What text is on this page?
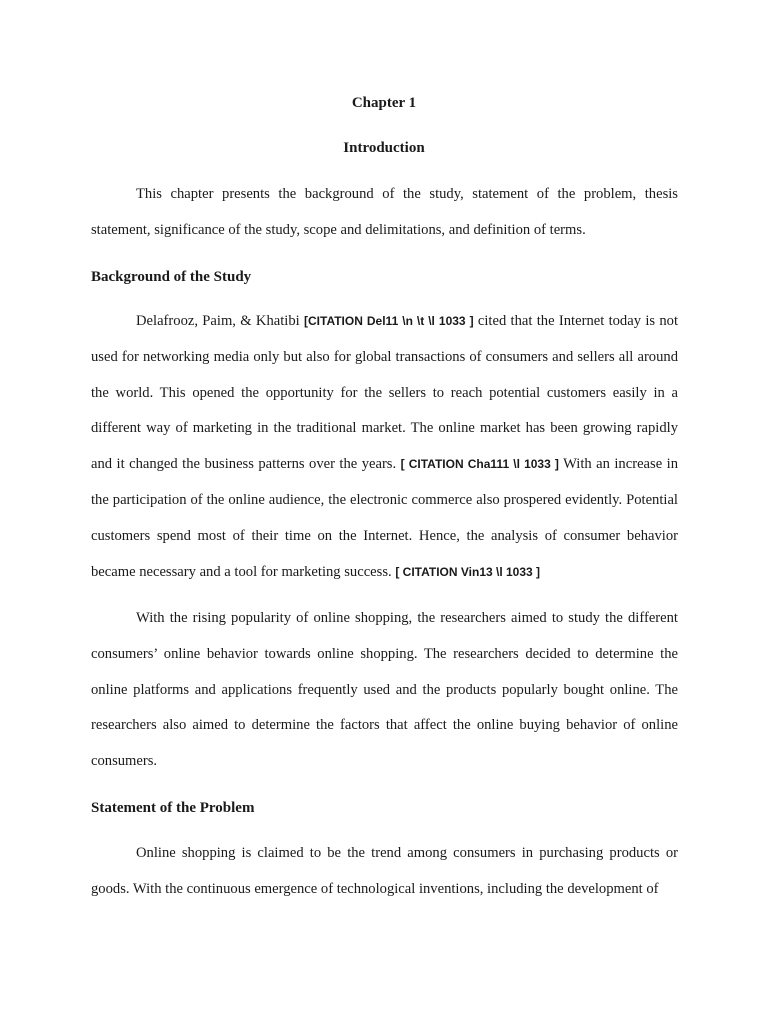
Chapter 1
Introduction

This chapter presents the background of the study, statement of the problem, thesis statement, significance of the study, scope and delimitations, and definition of terms.

Background of the Study

Delafrooz, Paim, & Khatibi [CITATION Del11 \n \t \l 1033 ] cited that the Internet today is not used for networking media only but also for global transactions of consumers and sellers all around the world. This opened the opportunity for the sellers to reach potential customers easily in a different way of marketing in the traditional market. The online market has been growing rapidly and it changed the business patterns over the years. [ CITATION Cha111 \l 1033 ] With an increase in the participation of the online audience, the electronic commerce also prospered evidently. Potential customers spend most of their time on the Internet. Hence, the analysis of consumer behavior became necessary and a tool for marketing success. [ CITATION Vin13 \l 1033 ]

With the rising popularity of online shopping, the researchers aimed to study the different consumers’ online behavior towards online shopping. The researchers decided to determine the online platforms and applications frequently used and the products popularly bought online. The researchers also aimed to determine the factors that affect the online buying behavior of online consumers.

Statement of the Problem

Online shopping is claimed to be the trend among consumers in purchasing products or goods. With the continuous emergence of technological inventions, including the development of
